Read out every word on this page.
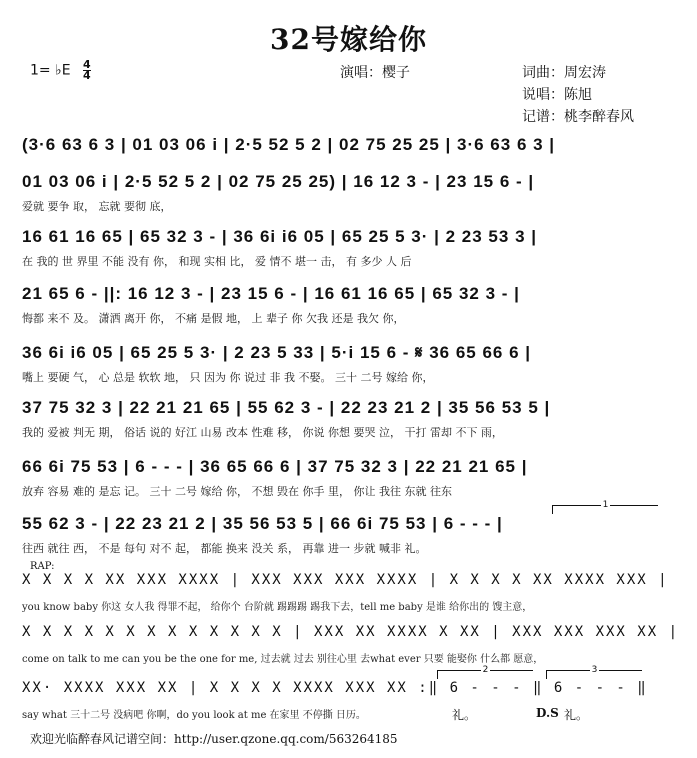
32号嫁给你
1= ♭E $\frac{4}{4}$	演唱：樱子	词曲：周宏涛
说唱：陈旭
记谱：桃李醉春风
(3·6 63 6 3 | 01 03 06 i | 2·5 52 5 2 | 02 75 25 25 | 3·6 63 6 3 |
01 03 06 i | 2·5 52 5 2 | 02 75 25 25) | 16 12 3 - | 23 15 6 - |
爱就 要争 取， 忘就 要彻 底，
16 61 16 65 | 65 32 3 - | 36 6i i6 05 | 65 25 5 3· | 2 23 53 3 |
在 我的 世 界里 不能 没有 你， 和现 实相 比， 爱 情不 堪一 击， 有 多少 人 后
21 65 6 - ||: 16 12 3 - | 23 15 6 - | 16 61 16 65 | 65 32 3 - |
悔都 来不 及。 潇洒 离开 你， 不痛 是假 地， 上 辈子 你 欠我 还是 我欠 你，
36 6i i6 05 | 65 25 5 3· | 2 23 5 33 | 5·i 15 6 - 𝄋 36 65 66 6 |
嘴上 要硬 气， 心 总是 软软 地， 只 因为 你 说过 非 我 不娶。 三十 二号 嫁给 你，
37 75 32 3 | 22 21 21 65 | 55 62 3 - | 22 23 21 2 | 35 56 53 5 |
我的 爱被 判无 期， 俗话 说的 好江 山易 改本 性难 移， 你说 你想 要哭 泣， 干打 雷却 不下 雨，
66 6i 75 53 | 6 - - - | 36 65 66 6 | 37 75 32 3 | 22 21 21 65 |
放弃 容易 难的 是忘 记。 三十 二号 嫁给 你， 不想 毁在 你手 里， 你让 我往 东就 往东
1
55 62 3 - | 22 23 21 2 | 35 56 53 5 | 66 6i 75 53 | 6 - - - |
往西 就往 西， 不是 每句 对不 起， 都能 换来 没关 系， 再靠 进一 步就 喊非 礼。
RAP:
X X X X XX XXX XXXX | XXX XXX XXX XXXX | X X X X XX XXXX XXX |
you know baby 你这 女人我 得罪不起， 给你个 台阶就 踢踢踢 踢我下去，tell me baby 是谁 给你出的 馊主意，
X X X X X X X X X X X X X | XXX XX XXXX X XX | XXX XXX XXX XX |
come on talk to me can you be the one for me, 过去就 过去 别往心里 去what ever 只要 能娶你 什么都 愿意，
2	3
XX· XXXX XXX XX | X X X X XXXX XXX XX :‖ 6 - - - ‖ 6 - - - ‖
say what 三十二号 没病吧 你啊，do you look at me 在家里 不停撕 日历。	礼。	D.S 礼。
欢迎光临醉春风记谱空间：http://user.qzone.qq.com/563264185
